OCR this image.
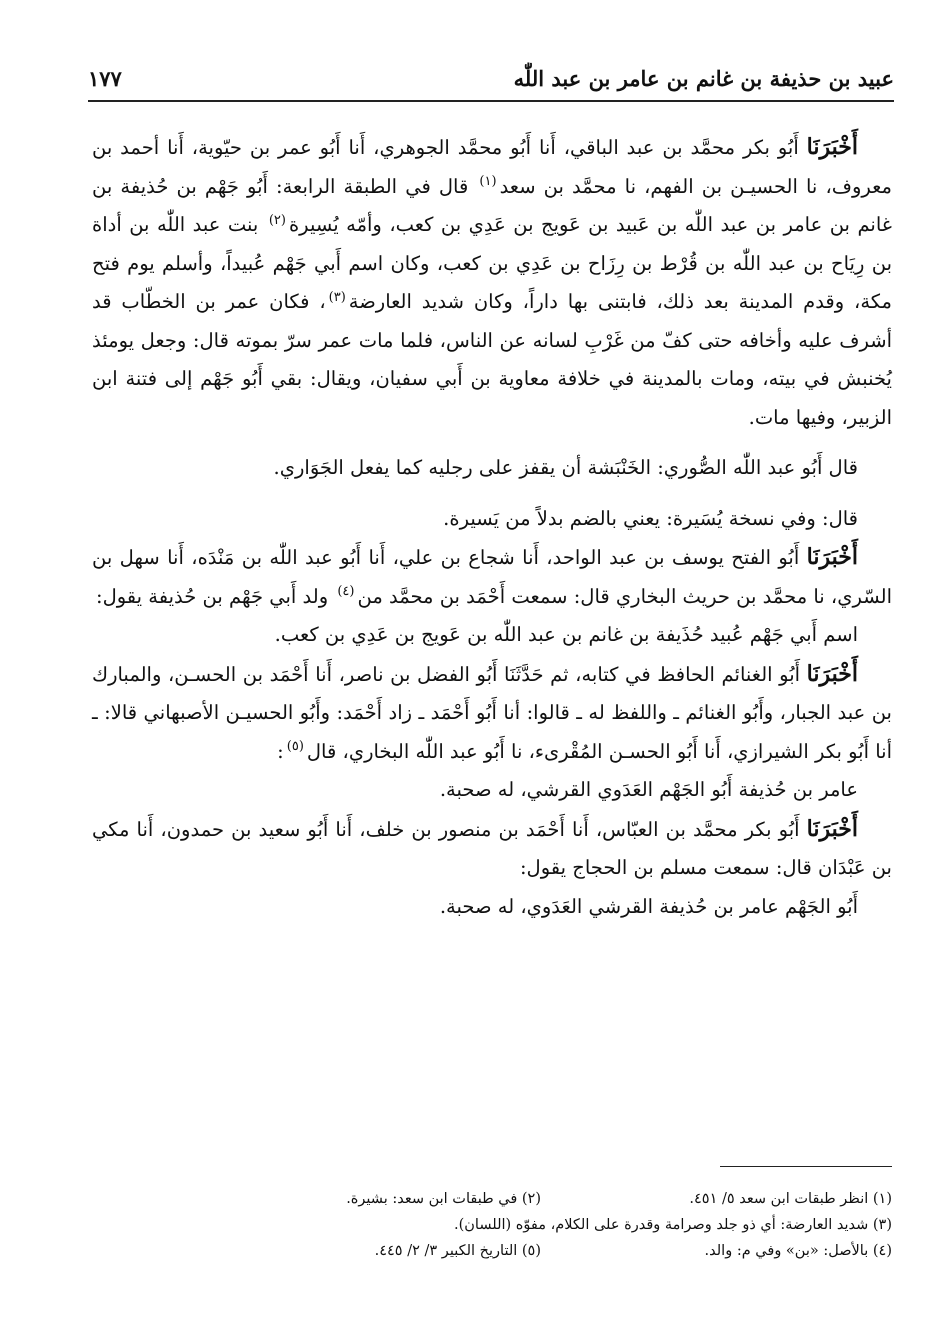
عبيد بن حذيفة بن غانم بن عامر بن عبد اللّٰه
١٧٧

أَخْبَرَنَا أَبُو بكر محمَّد بن عبد الباقي، أَنا أَبُو محمَّد الجوهري، أَنا أَبُو عمر بن حيّوية، أَنا أحمد بن معروف، نا الحسيـن بن الفهم، نا محمَّد بن سعد$^{(١)}$ قال في الطبقة الرابعة: أَبُو جَهْم بن حُذيفة بن غانم بن عامر بن عبد اللّٰه بن عَبيد بن عَويج بن عَدِي بن كعب، وأمّه يُسِيرة$^{(٢)}$ بنت عبد اللّٰه بن أداة بن رِيَاح بن عبد اللّٰه بن قُرْط بن رِزَاح بن عَدِي بن كعب، وكان اسم أَبي جَهْم عُبيداً، وأسلم يوم فتح مكة، وقدم المدينة بعد ذلك، فابتنى بها داراً، وكان شديد العارضة$^{(٣)}$، فكان عمر بن الخطّاب قد أشرف عليه وأخافه حتى كفّ من غَرْبِ لسانه عن الناس، فلما مات عمر سرّ بموته قال: وجعل يومئذ يُخنبش في بيته، ومات بالمدينة في خلافة معاوية بن أَبي سفيان، ويقال: بقي أَبُو جَهْم إلى فتنة ابن الزبير، وفيها مات.

قال أَبُو عبد اللّٰه الصُّوري: الخَنْبَشة أن يقفز على رجليه كما يفعل الجَوَاري.

قال: وفي نسخة يُسَيرة: يعني بالضم بدلاً من يَسيرة.

أَخْبَرَنَا أَبُو الفتح يوسف بن عبد الواحد، أَنا شجاع بن علي، أَنا أَبُو عبد اللّٰه بن مَنْدَه، أَنا سهل بن السّري، نا محمَّد بن حريث البخاري قال: سمعت أَحْمَد بن محمَّد من$^{(٤)}$ ولد أَبي جَهْم بن حُذيفة يقول:

اسم أَبي جَهْم عُبيد حُذَيفة بن غانم بن عبد اللّٰه بن عَويج بن عَدِي بن كعب.

أَخْبَرَنَا أَبُو الغنائم الحافظ في كتابه، ثم حَدَّثَنَا أَبُو الفضل بن ناصر، أَنا أَحْمَد بن الحسـن، والمبارك بن عبد الجبار، وأَبُو الغنائم ـ واللفظ له ـ قالوا: أنا أَبُو أَحْمَد ـ زاد أَحْمَد: وأَبُو الحسيـن الأصبهاني قالا: ـ أنا أَبُو بكر الشيرازي، أَنا أَبُو الحسـن المُقْرىء، نا أَبُو عبد اللّٰه البخاري، قال$^{(٥)}$:

عامر بن حُذيفة أَبُو الجَهْم العَدَوي القرشي، له صحبة.

أَخْبَرَنَا أَبُو بكر محمَّد بن العبّاس، أَنا أَحْمَد بن منصور بن خلف، أَنا أَبُو سعيد بن حمدون، أَنا مكي بن عَبْدَان قال: سمعت مسلم بن الحجاج يقول:

أَبُو الجَهْم عامر بن حُذيفة القرشي العَدَوي، له صحبة.

(١) انظر طبقات ابن سعد ٥/ ٤٥١.
(٢) في طبقات ابن سعد: بشيرة.
(٣) شديد العارضة: أي ذو جلد وصرامة وقدرة على الكلام، مفوّه (اللسان).
(٤) بالأصل: «بن» وفي م: والد.
(٥) التاريخ الكبير ٣/ ٢/ ٤٤٥.
